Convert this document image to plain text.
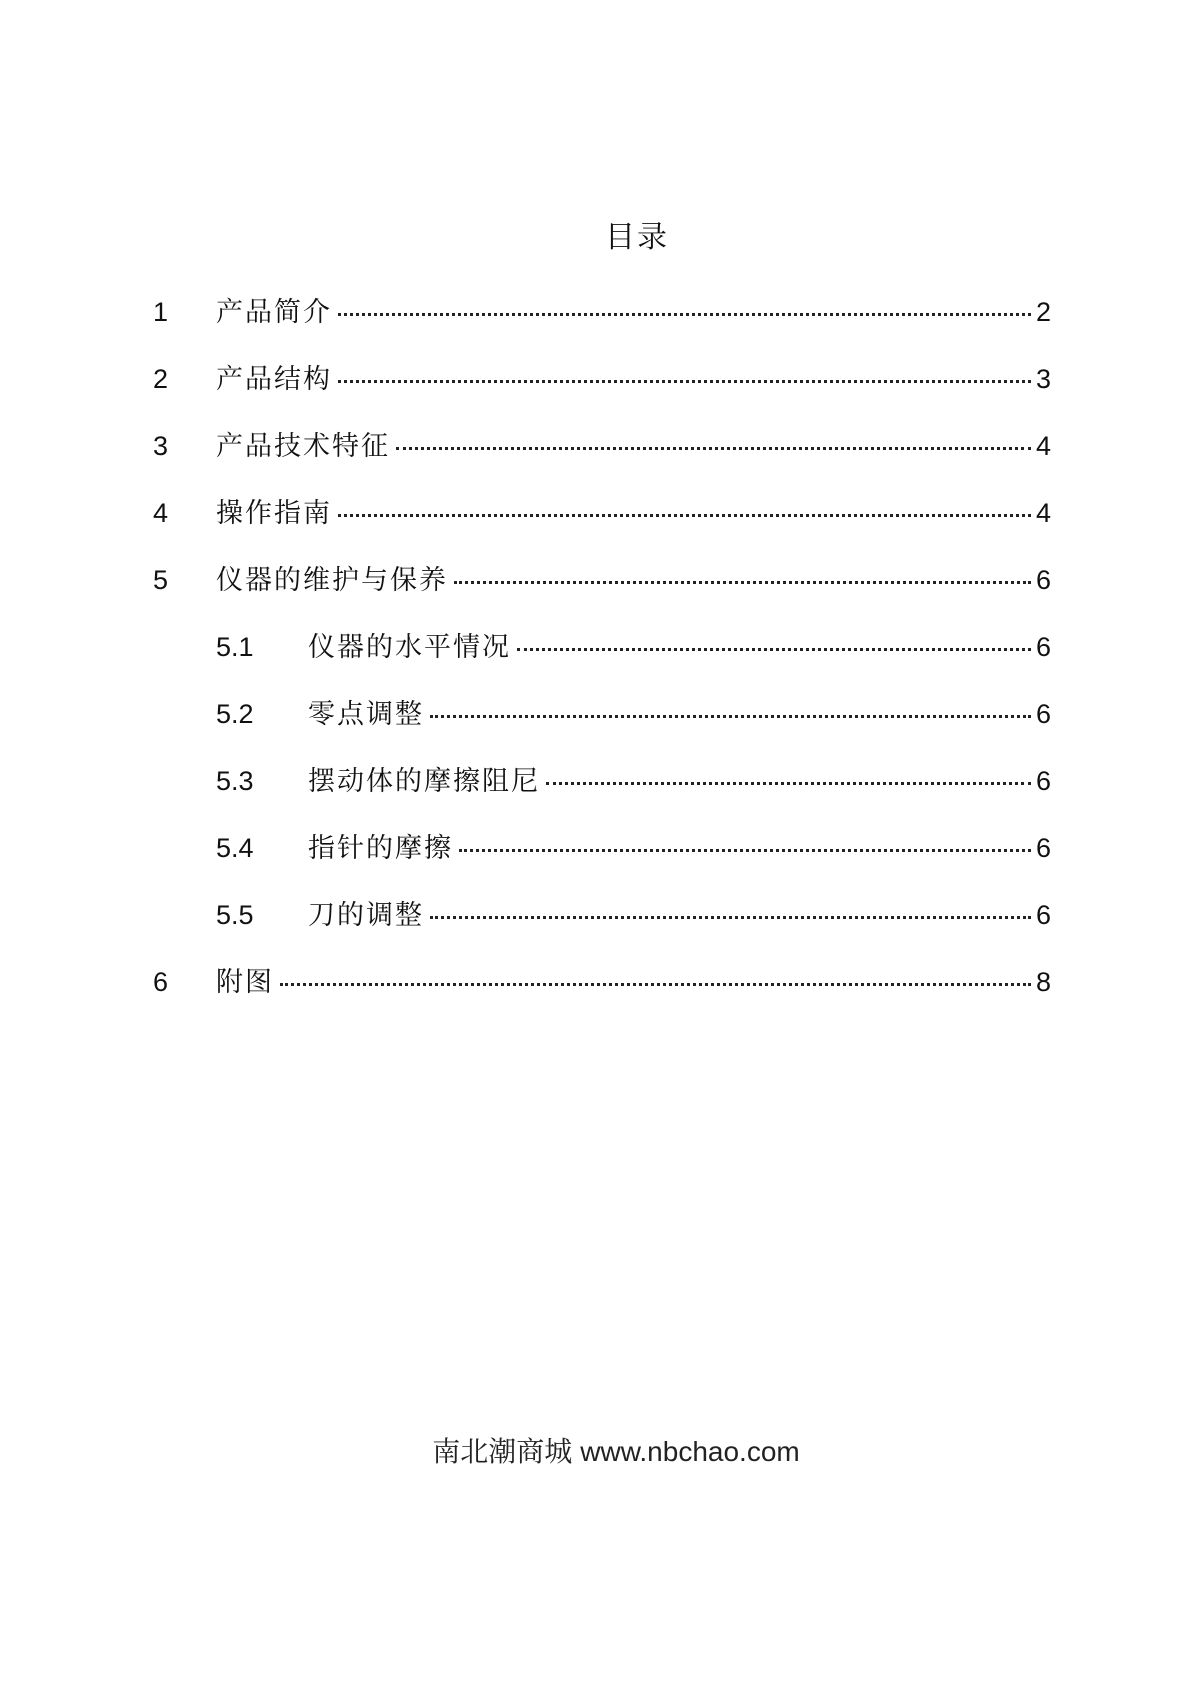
目录
1	产品简介	2
2	产品结构	3
3	产品技术特征	4
4	操作指南	4
5	仪器的维护与保养	6
5.1	仪器的水平情况	6
5.2	零点调整	6
5.3	摆动体的摩擦阻尼	6
5.4	指针的摩擦	6
5.5	刀的调整	6
6	附图	8
南北潮商城 www.nbchao.com
